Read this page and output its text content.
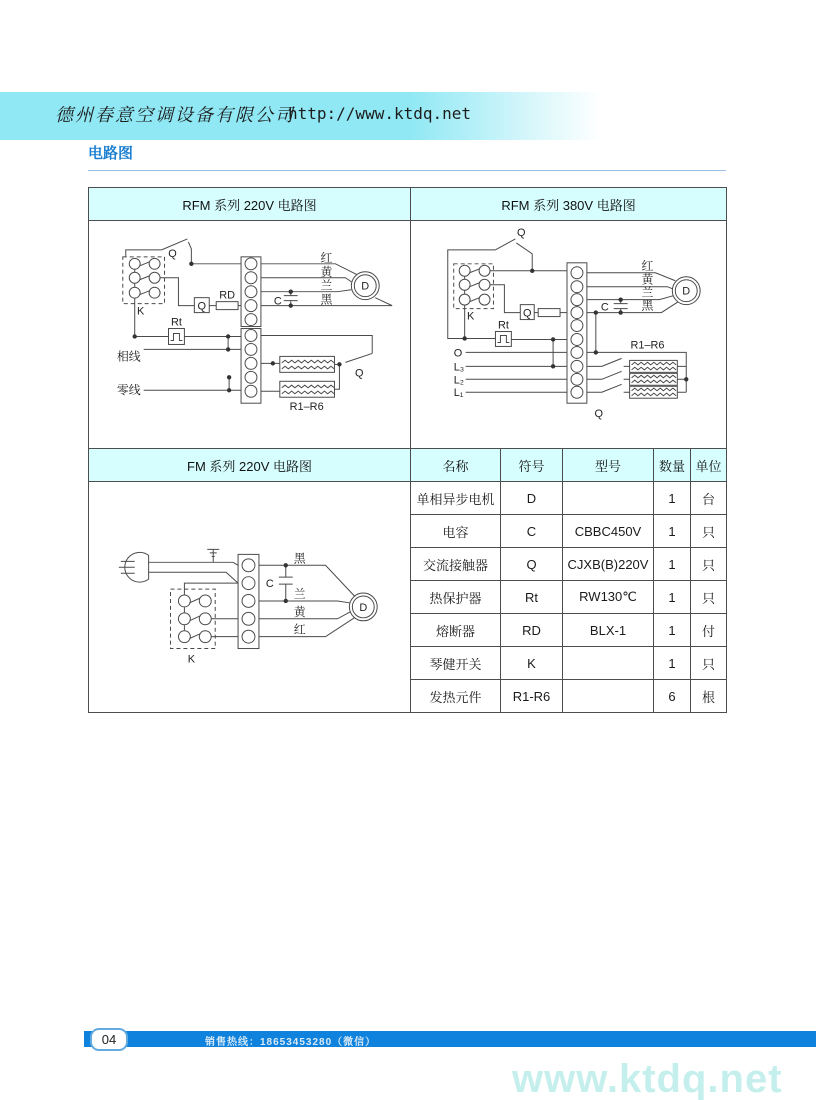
德州春意空调设备有限公司
http://www.ktdq.net
电路图
RFM 系列 220V 电路图	RFM 系列 380V 电路图				

Q
K
Rt
Q
RD	C
D
红
黄
兰
黑
相线
零线
R1–R6
Q

Q
K
Rt
Q	C
D
红
黄
兰
黑
O
L₃
L₂
L₁
R1–R6
Q

FM 系列 220V 电路图	名称	符号	型号	数量	单位

K
C
D
黑
兰
黄
红
	单相异步电机	D		1	台
	电容	C	CBBC450V	1	只
	交流接触器	Q	CJXB(B)220V	1	只
	热保护器	Rt	RW130℃	1	只
	熔断器	RD	BLX-1	1	付
	琴健开关	K		1	只
	发热元件	R1-R6		6	根
04	销售热线：18653453280（微信）
www.ktdq.net
